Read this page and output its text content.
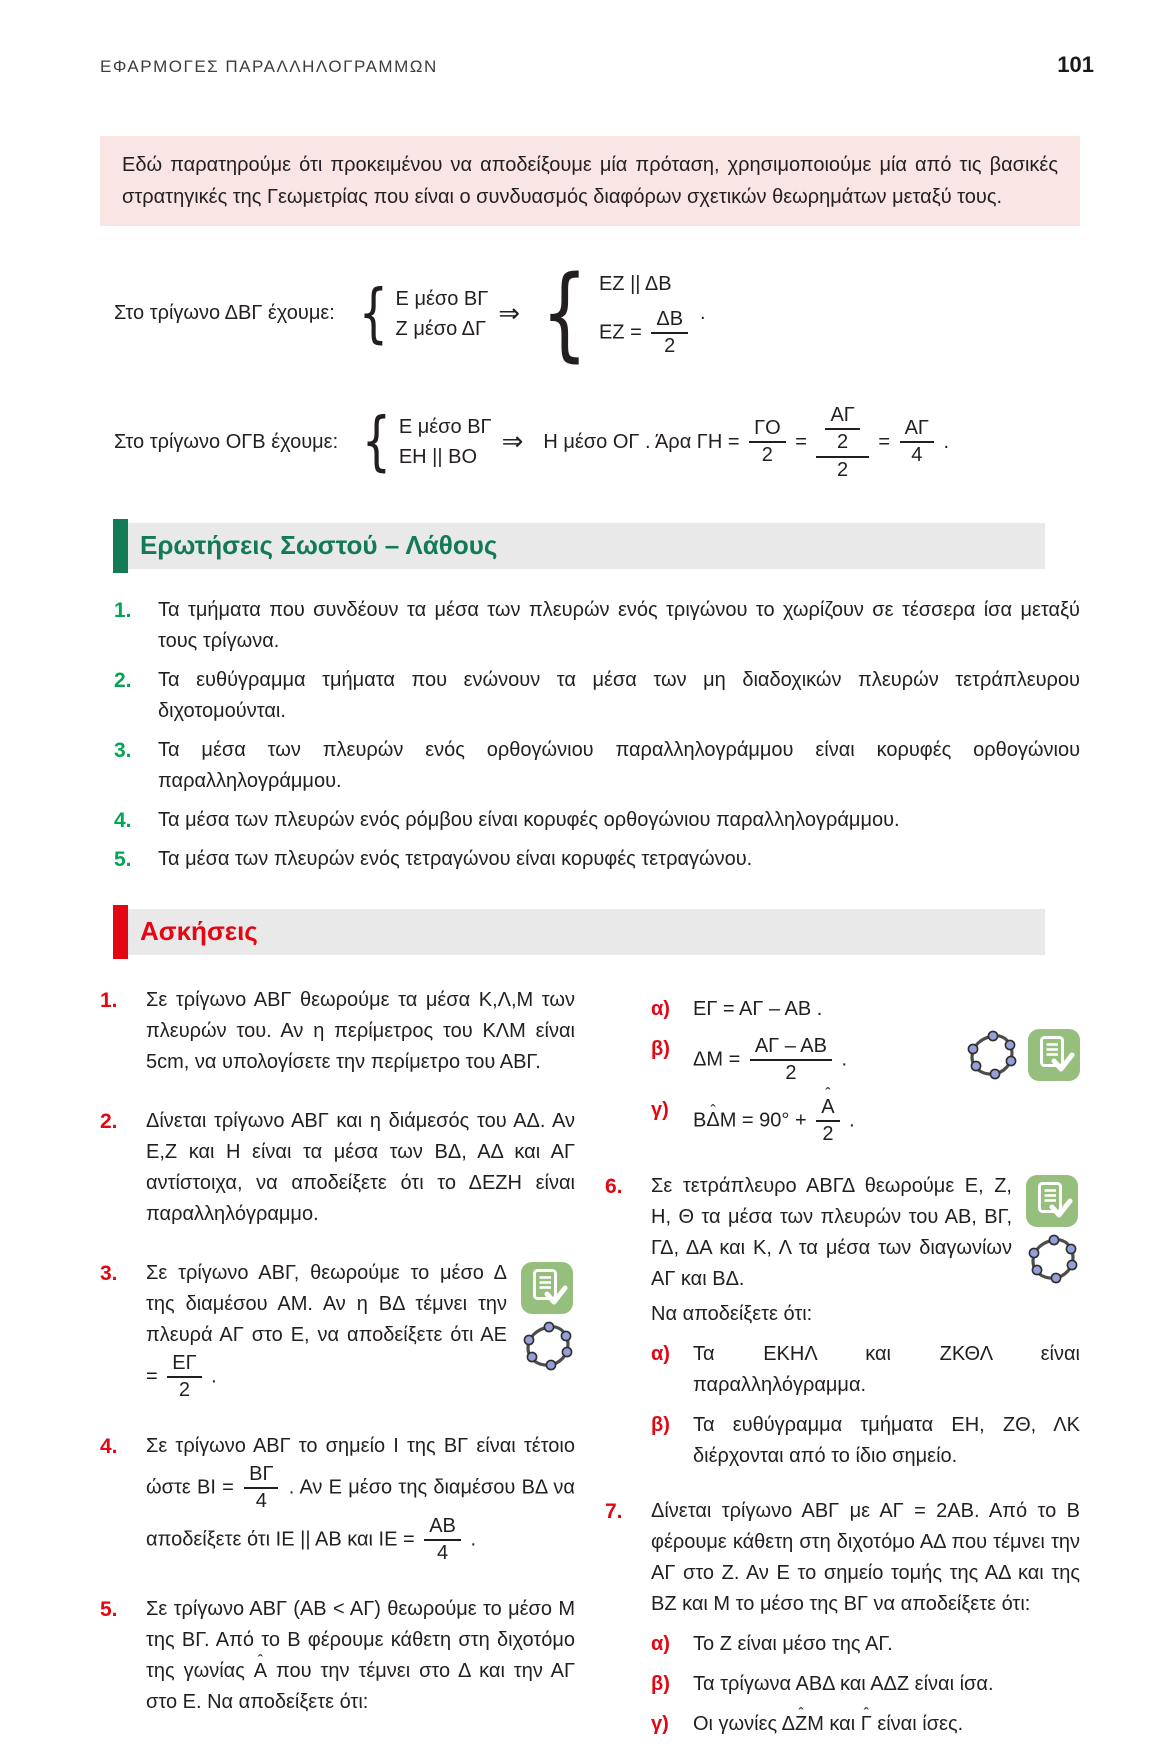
ΕΦΑΡΜΟΓΕΣ ΠΑΡΑΛΛΗΛΟΓΡΑΜΜΩΝ	101
Εδώ παρατηρούμε ότι προκειμένου να αποδείξουμε μία πρόταση, χρησιμοποιούμε μία από τις βασικές στρατηγικές της Γεωμετρίας που είναι ο συνδυασμός διαφόρων σχετικών θεωρημάτων μεταξύ τους.
Στο τρίγωνο ΔΒΓ έχουμε:
{
Ε μέσο ΒΓ
Ζ μέσο ΔΓ
⇒
{
ΕΖ || ΔΒ
$EZ = \frac{\Delta B}{2}$ .
Στο τρίγωνο ΟΓΒ έχουμε:
{
Ε μέσο ΒΓ
ΕΗ || ΒΟ
⇒ Η μέσο ΟΓ . Άρα $\Gamma H = \frac{\Gamma O}{2} = \frac{\frac{A\Gamma}{2}}{2} = \frac{A\Gamma}{4}$ .
Ερωτήσεις Σωστού – Λάθους
1.	Τα τμήματα που συνδέουν τα μέσα των πλευρών ενός τριγώνου το χωρίζουν σε τέσσερα ίσα μεταξύ τους τρίγωνα.
2.	Τα ευθύγραμμα τμήματα που ενώνουν τα μέσα των μη διαδοχικών πλευρών τετράπλευρου διχοτομούνται.
3.	Τα μέσα των πλευρών ενός ορθογώνιου παραλληλογράμμου είναι κορυφές ορθογώνιου παραλληλογράμμου.
4.	Τα μέσα των πλευρών ενός ρόμβου είναι κορυφές ορθογώνιου παραλληλογράμμου.
5.	Τα μέσα των πλευρών ενός τετραγώνου είναι κορυφές τετραγώνου.
Ασκήσεις
1.	Σε τρίγωνο ΑΒΓ θεωρούμε τα μέσα Κ,Λ,Μ των πλευρών του. Αν η περίμετρος του ΚΛΜ είναι 5cm, να υπολογίσετε την περίμετρο του ΑΒΓ.
2.	Δίνεται τρίγωνο ΑΒΓ και η διάμεσός του ΑΔ. Αν Ε,Ζ και Η είναι τα μέσα των ΒΔ, ΑΔ και ΑΓ αντίστοιχα, να αποδείξετε ότι το ΔΕΖΗ είναι παραλληλόγραμμο.
3.	Σε τρίγωνο ΑΒΓ, θεωρούμε το μέσο Δ της διαμέσου ΑΜ. Αν η ΒΔ τέμνει την πλευρά ΑΓ στο Ε, να αποδείξετε ότι $AE = \frac{E\Gamma}{2}$ .
4.	Σε τρίγωνο ΑΒΓ το σημείο Ι της ΒΓ είναι τέτοιο ώστε $BI = \frac{B\Gamma}{4}$ . Αν Ε μέσο της διαμέσου ΒΔ να αποδείξετε ότι ΙΕ || ΑΒ και $IE = \frac{AB}{4}$ .
5.	Σε τρίγωνο ΑΒΓ (ΑΒ < ΑΓ) θεωρούμε το μέσο Μ της ΒΓ. Από το Β φέρουμε κάθετη στη διχοτόμο της γωνίας Α ˆ που την τέμνει στο Δ και την ΑΓ στο Ε. Να αποδείξετε ότι:
α)	ΕΓ = ΑΓ – ΑΒ .
β)	$\Delta M = \frac{A\Gamma - AB}{2}$ .
γ)	ΒΔ ˆΜ = $90^\circ + \frac{\text{Α ˆ}}{2}$ .
6.	Σε τετράπλευρο ΑΒΓΔ θεωρούμε Ε, Ζ, Η, Θ τα μέσα των πλευρών του ΑΒ, ΒΓ, ΓΔ, ΔΑ και Κ, Λ τα μέσα των διαγωνίων ΑΓ και ΒΔ.
Να αποδείξετε ότι:
α)	Τα ΕΚΗΛ και ΖΚΘΛ είναι παραλληλόγραμμα.
β)	Τα ευθύγραμμα τμήματα ΕΗ, ΖΘ, ΛΚ διέρχονται από το ίδιο σημείο.
7.	Δίνεται τρίγωνο ΑΒΓ με ΑΓ = 2ΑΒ. Από το Β φέρουμε κάθετη στη διχοτόμο ΑΔ που τέμνει την ΑΓ στο Ζ. Αν Ε το σημείο τομής της ΑΔ και της ΒΖ και Μ το μέσο της ΒΓ να αποδείξετε ότι:
α)	Το Ζ είναι μέσο της ΑΓ.
β)	Τα τρίγωνα ΑΒΔ και ΑΔΖ είναι ίσα.
γ)	Οι γωνίες ΔΖ ˆΜ και Γ ˆ είναι ίσες.
